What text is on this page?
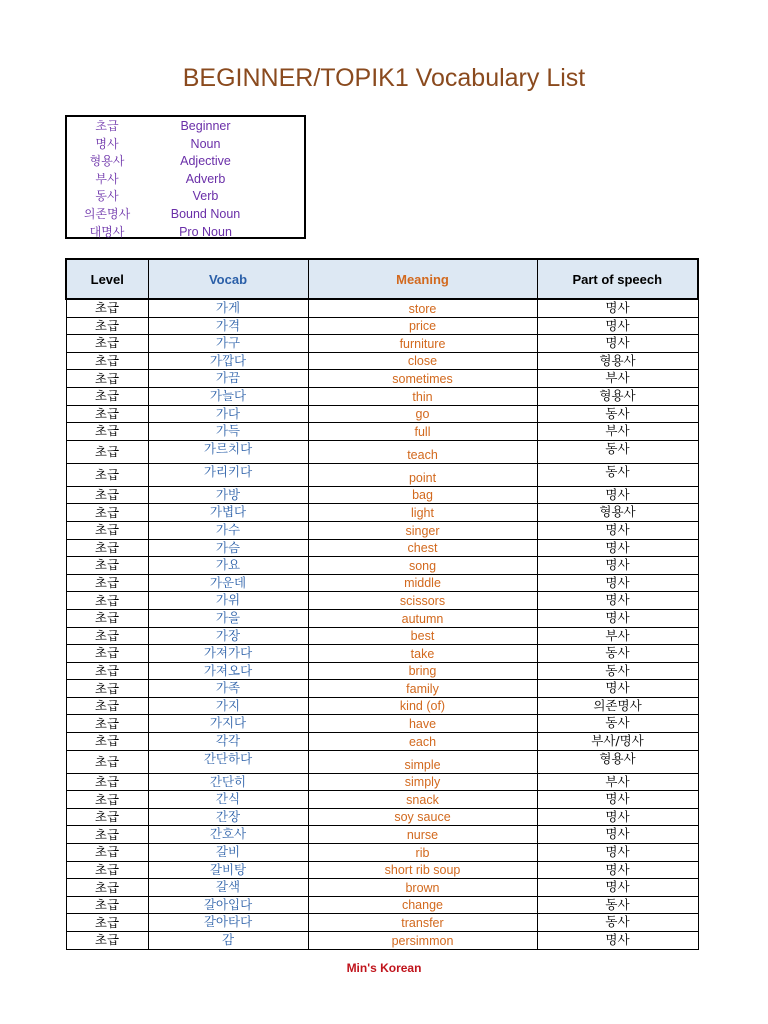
BEGINNER/TOPIK1 Vocabulary List
초급	Beginner
명사	Noun
형용사	Adjective
부사	Adverb
동사	Verb
의존명사	Bound Noun
대명사	Pro Noun
Level	Vocab	Meaning	Part of speech
초급	가게	store	명사
초급	가격	price	명사
초급	가구	furniture	명사
초급	가깝다	close	형용사
초급	가끔	sometimes	부사
초급	가늘다	thin	형용사
초급	가다	go	동사
초급	가득	full	부사
초급	가르치다	teach	동사
초급	가리키다	point	동사
초급	가방	bag	명사
초급	가볍다	light	형용사
초급	가수	singer	명사
초급	가슴	chest	명사
초급	가요	song	명사
초급	가운데	middle	명사
초급	가위	scissors	명사
초급	가을	autumn	명사
초급	가장	best	부사
초급	가져가다	take	동사
초급	가져오다	bring	동사
초급	가족	family	명사
초급	가지	kind (of)	의존명사
초급	가지다	have	동사
초급	각각	each	부사/명사
초급	간단하다	simple	형용사
초급	간단히	simply	부사
초급	간식	snack	명사
초급	간장	soy sauce	명사
초급	간호사	nurse	명사
초급	갈비	rib	명사
초급	갈비탕	short rib soup	명사
초급	갈색	brown	명사
초급	갈아입다	change	동사
초급	갈아타다	transfer	동사
초급	감	persimmon	명사
Min's Korean
